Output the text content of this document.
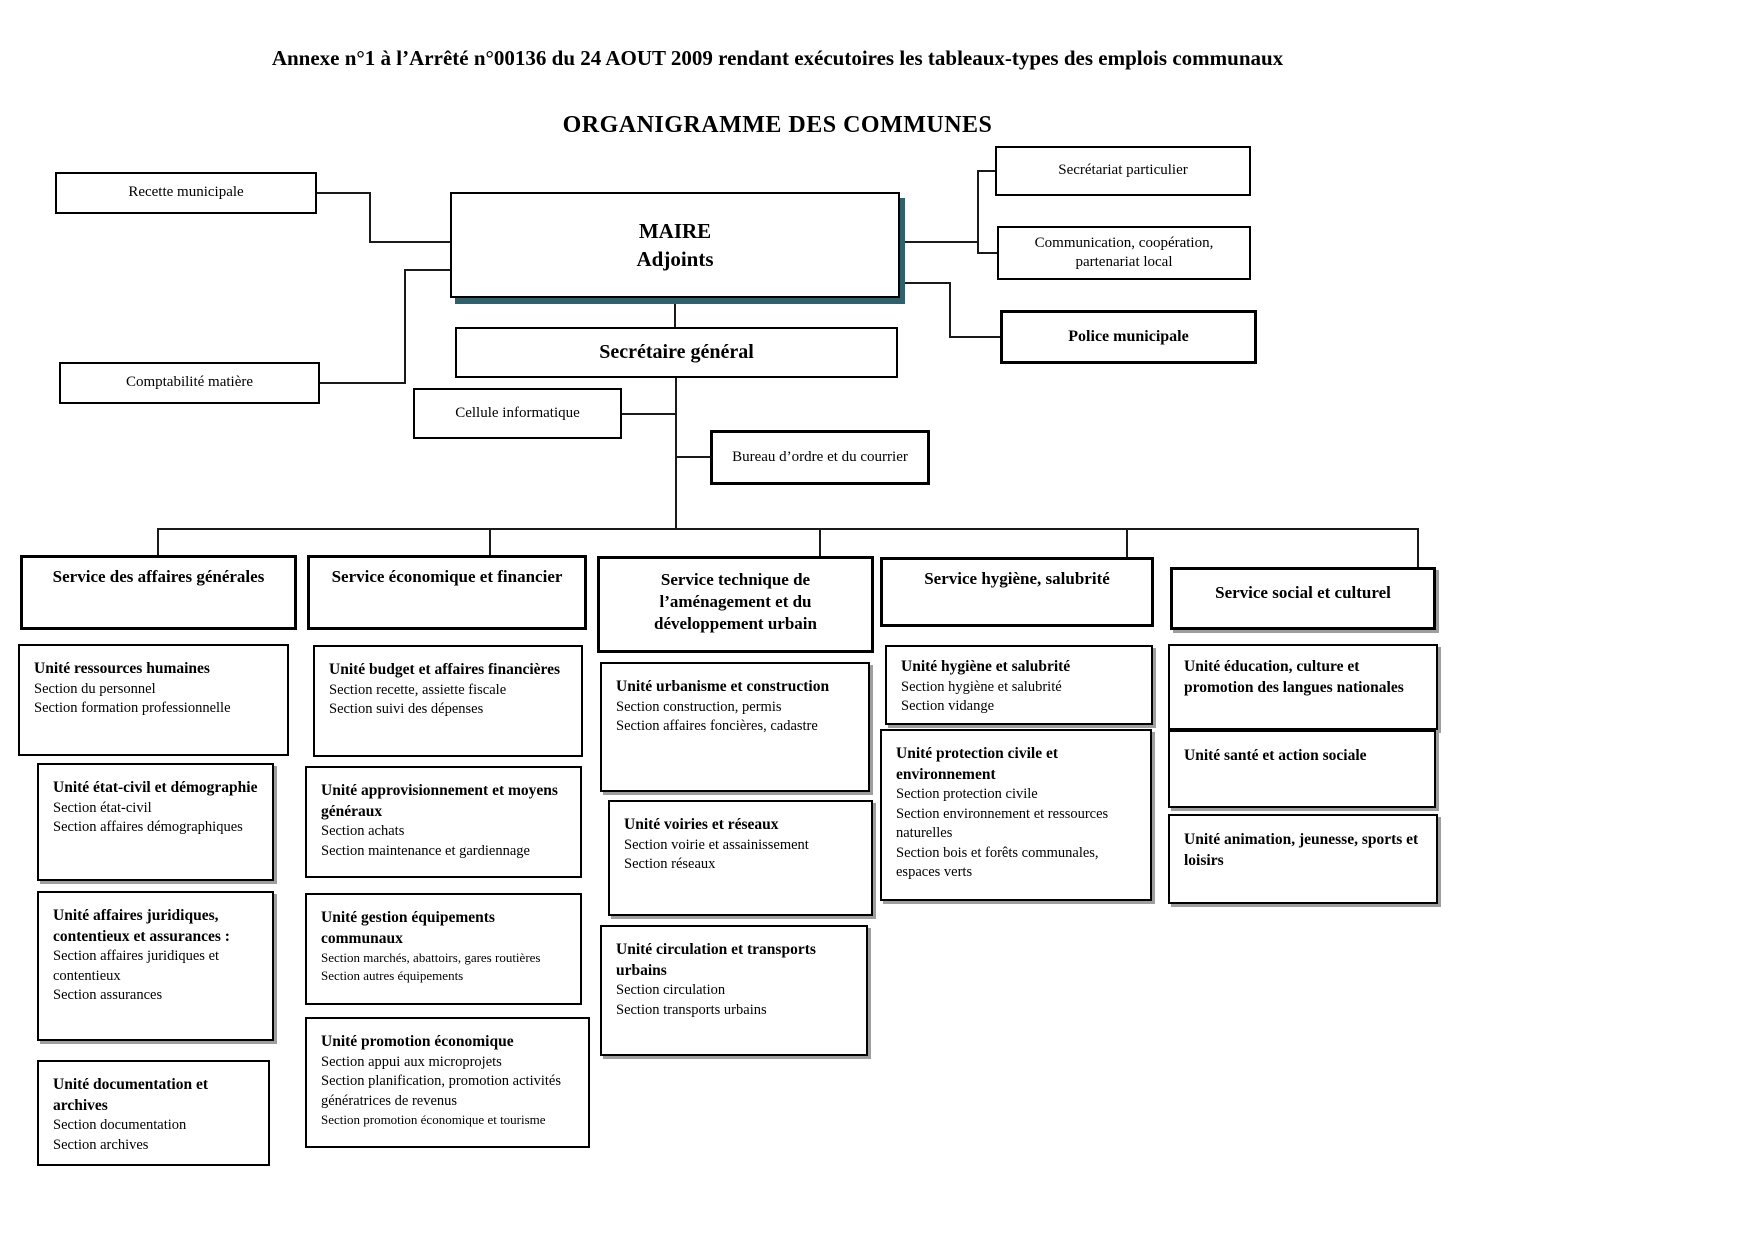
Annexe n°1 à l’Arrêté n°00136 du 24 AOUT 2009 rendant exécutoires les tableaux-types des emplois communaux
ORGANIGRAMME DES COMMUNES
Recette municipale
MAIRE
Adjoints
Secrétariat particulier
Communication, coopération, partenariat local
Police municipale
Comptabilité matière
Secrétaire général
Cellule informatique
Bureau d’ordre et du courrier
Service des affaires générales	Service économique et financier	Service technique de l’aménagement et du développement urbain
Service hygiène, salubrité
Service social et culturel
Unité ressources humaines
Section du personnel
Section formation professionnelle
Unité état-civil et démographie
Section état-civil
Section affaires démographiques
Unité affaires juridiques, contentieux et assurances :
Section affaires juridiques et contentieux
Section assurances
Unité documentation et archives
Section documentation
Section archives
Unité budget et affaires financières
Section recette, assiette fiscale
Section suivi des dépenses
Unité approvisionnement et moyens généraux
Section achats
Section maintenance et gardiennage
Unité gestion équipements communaux
Section marchés, abattoirs, gares routières
Section autres équipements
Unité promotion économique
Section appui aux microprojets
Section planification, promotion activités génératrices de revenus
Section promotion économique et tourisme
Unité urbanisme et construction
Section construction, permis
Section affaires foncières, cadastre
Unité voiries et réseaux
Section voirie et assainissement
Section réseaux
Unité circulation et transports urbains
Section circulation
Section transports urbains
Unité hygiène et salubrité
Section hygiène et salubrité
Section vidange
Unité protection civile et environnement
Section protection civile
Section environnement et ressources naturelles
Section bois et forêts communales, espaces verts
Unité éducation, culture et promotion des langues nationales
Unité santé et action sociale
Unité animation, jeunesse, sports et loisirs
